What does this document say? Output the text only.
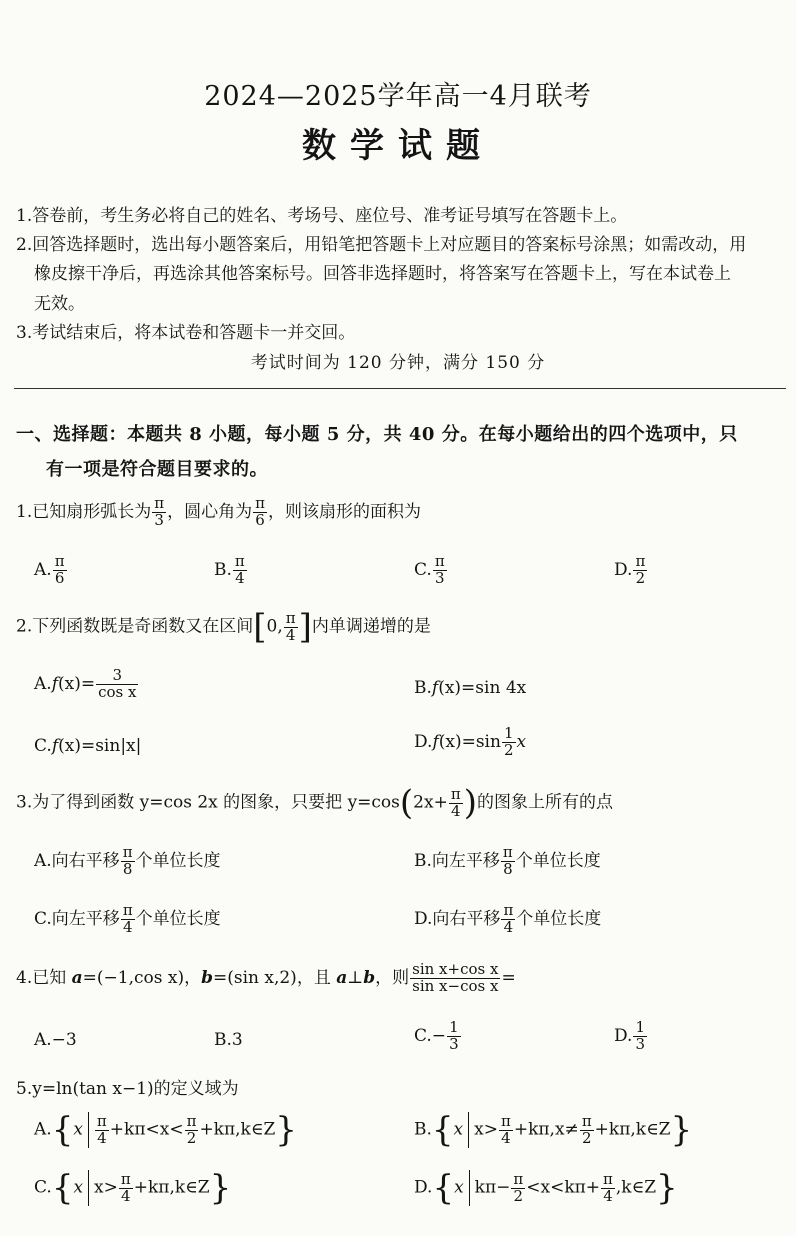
2024—2025学年高一4月联考
数学试题
1.答卷前，考生务必将自己的姓名、考场号、座位号、准考证号填写在答题卡上。
2.回答选择题时，选出每小题答案后，用铅笔把答题卡上对应题目的答案标号涂黑；如需改动，用
橡皮擦干净后，再选涂其他答案标号。回答非选择题时，将答案写在答题卡上，写在本试卷上
无效。
3.考试结束后，将本试卷和答题卡一并交回。
考试时间为 120 分钟，满分 150 分
一、选择题：本题共 8 小题，每小题 5 分，共 40 分。在每小题给出的四个选项中，只
有一项是符合题目要求的。
1.已知扇形弧长为 $\frac{\pi}{3}$ ，圆心角为 $\frac{\pi}{6}$ ，则该扇形的面积为
A. $\frac{\pi}{6}$	B. $\frac{\pi}{4}$	C. $\frac{\pi}{3}$	D. $\frac{\pi}{2}$
2.下列函数既是奇函数又在区间[0, $\frac{\pi}{4}$ ]内单调递增的是
$A.f(x)= \frac{3}{\text{cos x}}$	B.f(x)=sin 4x
C.f(x)=sin|x|	$D.f(x)=\sin \frac{1}{2}$ x
3.为了得到函数 y=cos 2x 的图象，只要把 $y=\cos(2x+ \frac{\pi}{4}$ )的图象上所有的点
A.向右平移 $\frac{\pi}{8}$ 个单位长度	B.向左平移 $\frac{\pi}{8}$ 个单位长度
C.向左平移 $\frac{\pi}{4}$ 个单位长度	D.向右平移 $\frac{\pi}{4}$ 个单位长度
4.已知 a=(−1,cos x)，b=(sin x,2)，且 a⊥b，则 $\frac{\text{sin x+cos x}}{\text{sin x−cos x}}$ =
A.−3	B.3	$C.- \frac{1}{3}$	D. $\frac{1}{3}$
5.y=ln(tan x−1)的定义域为
$A.\{x \frac{\pi}{4} +k\pi<x< \frac{\pi}{2}$ +kπ,k∈Z}	B.{x $x> \frac{\pi}{4} +k\pi,x\ne \frac{\pi}{2}$ +kπ,k∈Z}
C.{x $x> \frac{\pi}{4}$ +kπ,k∈Z}	D.{x $k\pi- \frac{\pi}{2} <x<k\pi+ \frac{\pi}{4}$ ,k∈Z}
